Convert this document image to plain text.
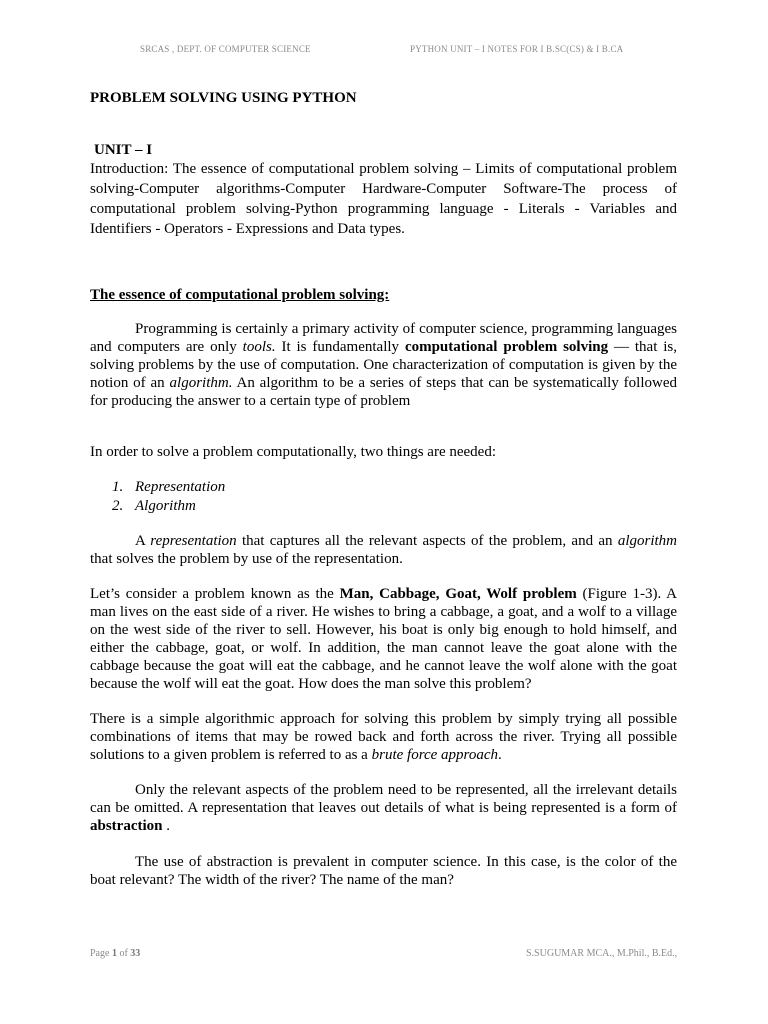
SRCAS , DEPT. OF COMPUTER SCIENCE	PYTHON UNIT – I NOTES FOR I B.SC(CS) & I B.CA
PROBLEM SOLVING USING PYTHON
UNIT – I

Introduction: The essence of computational problem solving – Limits of computational problem solving-Computer algorithms-Computer Hardware-Computer Software-The process of computational problem solving-Python programming language - Literals - Variables and Identifiers - Operators - Expressions and Data types.

The essence of computational problem solving:

Programming is certainly a primary activity of computer science, programming languages and computers are only tools. It is fundamentally computational problem solving — that is, solving problems by the use of computation. One characterization of computation is given by the notion of an algorithm. An algorithm to be a series of steps that can be systematically followed for producing the answer to a certain type of problem

In order to solve a problem computationally, two things are needed:

1. Representation
2. Algorithm

A representation that captures all the relevant aspects of the problem, and an algorithm that solves the problem by use of the representation.

Let’s consider a problem known as the Man, Cabbage, Goat, Wolf problem (Figure 1-3). A man lives on the east side of a river. He wishes to bring a cabbage, a goat, and a wolf to a village on the west side of the river to sell. However, his boat is only big enough to hold himself, and either the cabbage, goat, or wolf. In addition, the man cannot leave the goat alone with the cabbage because the goat will eat the cabbage, and he cannot leave the wolf alone with the goat because the wolf will eat the goat. How does the man solve this problem?

There is a simple algorithmic approach for solving this problem by simply trying all possible combinations of items that may be rowed back and forth across the river. Trying all possible solutions to a given problem is referred to as a brute force approach.

Only the relevant aspects of the problem need to be represented, all the irrelevant details can be omitted. A representation that leaves out details of what is being represented is a form of abstraction .

The use of abstraction is prevalent in computer science. In this case, is the color of the boat relevant? The width of the river? The name of the man?

Page 1 of 33	S.SUGUMAR MCA., M.Phil., B.Ed.,
